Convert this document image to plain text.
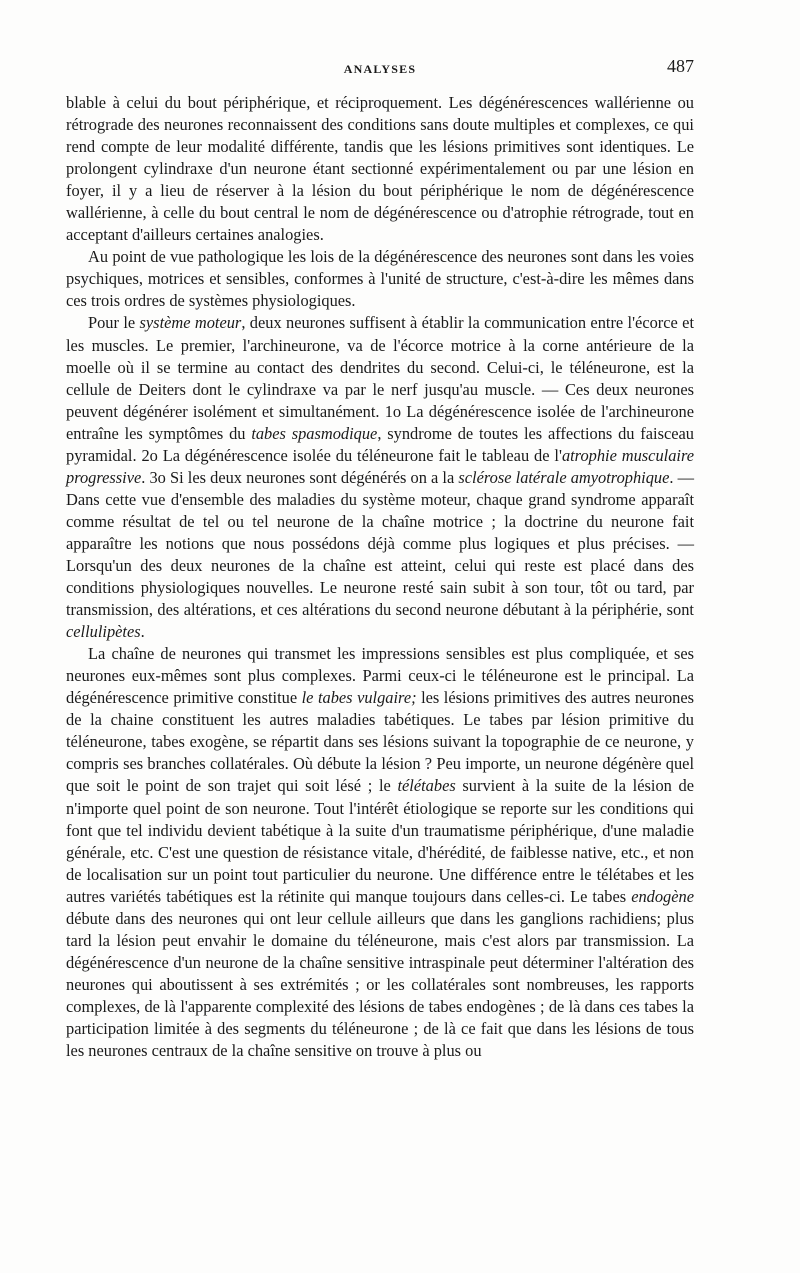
ANALYSES	487

blable à celui du bout périphérique, et réciproquement. Les dégénérescences wallérienne ou rétrograde des neurones reconnaissent des conditions sans doute multiples et complexes, ce qui rend compte de leur modalité différente, tandis que les lésions primitives sont identiques. Le prolongent cylindraxe d'un neurone étant sectionné expérimentalement ou par une lésion en foyer, il y a lieu de réserver à la lésion du bout périphérique le nom de dégénérescence wallérienne, à celle du bout central le nom de dégénérescence ou d'atrophie rétrograde, tout en acceptant d'ailleurs certaines analogies.

Au point de vue pathologique les lois de la dégénérescence des neurones sont dans les voies psychiques, motrices et sensibles, conformes à l'unité de structure, c'est-à-dire les mêmes dans ces trois ordres de systèmes physiologiques.

Pour le système moteur, deux neurones suffisent à établir la communication entre l'écorce et les muscles. Le premier, l'archineurone, va de l'écorce motrice à la corne antérieure de la moelle où il se termine au contact des dendrites du second. Celui-ci, le téléneurone, est la cellule de Deiters dont le cylindraxe va par le nerf jusqu'au muscle. — Ces deux neurones peuvent dégénérer isolément et simultanément. 1o La dégénérescence isolée de l'archineurone entraîne les symptômes du tabes spasmodique, syndrome de toutes les affections du faisceau pyramidal. 2o La dégénérescence isolée du téléneurone fait le tableau de l'atrophie musculaire progressive. 3o Si les deux neurones sont dégénérés on a la sclérose latérale amyotrophique. — Dans cette vue d'ensemble des maladies du système moteur, chaque grand syndrome apparaît comme résultat de tel ou tel neurone de la chaîne motrice ; la doctrine du neurone fait apparaître les notions que nous possédons déjà comme plus logiques et plus précises. — Lorsqu'un des deux neurones de la chaîne est atteint, celui qui reste est placé dans des conditions physiologiques nouvelles. Le neurone resté sain subit à son tour, tôt ou tard, par transmission, des altérations, et ces altérations du second neurone débutant à la périphérie, sont cellulipètes.

La chaîne de neurones qui transmet les impressions sensibles est plus compliquée, et ses neurones eux-mêmes sont plus complexes. Parmi ceux-ci le téléneurone est le principal. La dégénérescence primitive constitue le tabes vulgaire; les lésions primitives des autres neurones de la chaine constituent les autres maladies tabétiques. Le tabes par lésion primitive du téléneurone, tabes exogène, se répartit dans ses lésions suivant la topographie de ce neurone, y compris ses branches collatérales. Où débute la lésion ? Peu importe, un neurone dégénère quel que soit le point de son trajet qui soit lésé ; le télétabes survient à la suite de la lésion de n'importe quel point de son neurone. Tout l'intérêt étiologique se reporte sur les conditions qui font que tel individu devient tabétique à la suite d'un traumatisme périphérique, d'une maladie générale, etc. C'est une question de résistance vitale, d'hérédité, de faiblesse native, etc., et non de localisation sur un point tout particulier du neurone. Une différence entre le télétabes et les autres variétés tabétiques est la rétinite qui manque toujours dans celles-ci. Le tabes endogène débute dans des neurones qui ont leur cellule ailleurs que dans les ganglions rachidiens; plus tard la lésion peut envahir le domaine du téléneurone, mais c'est alors par transmission. La dégénérescence d'un neurone de la chaîne sensitive intraspinale peut déterminer l'altération des neurones qui aboutissent à ses extrémités ; or les collatérales sont nombreuses, les rapports complexes, de là l'apparente complexité des lésions de tabes endogènes ; de là dans ces tabes la participation limitée à des segments du téléneurone ; de là ce fait que dans les lésions de tous les neurones centraux de la chaîne sensitive on trouve à plus ou
